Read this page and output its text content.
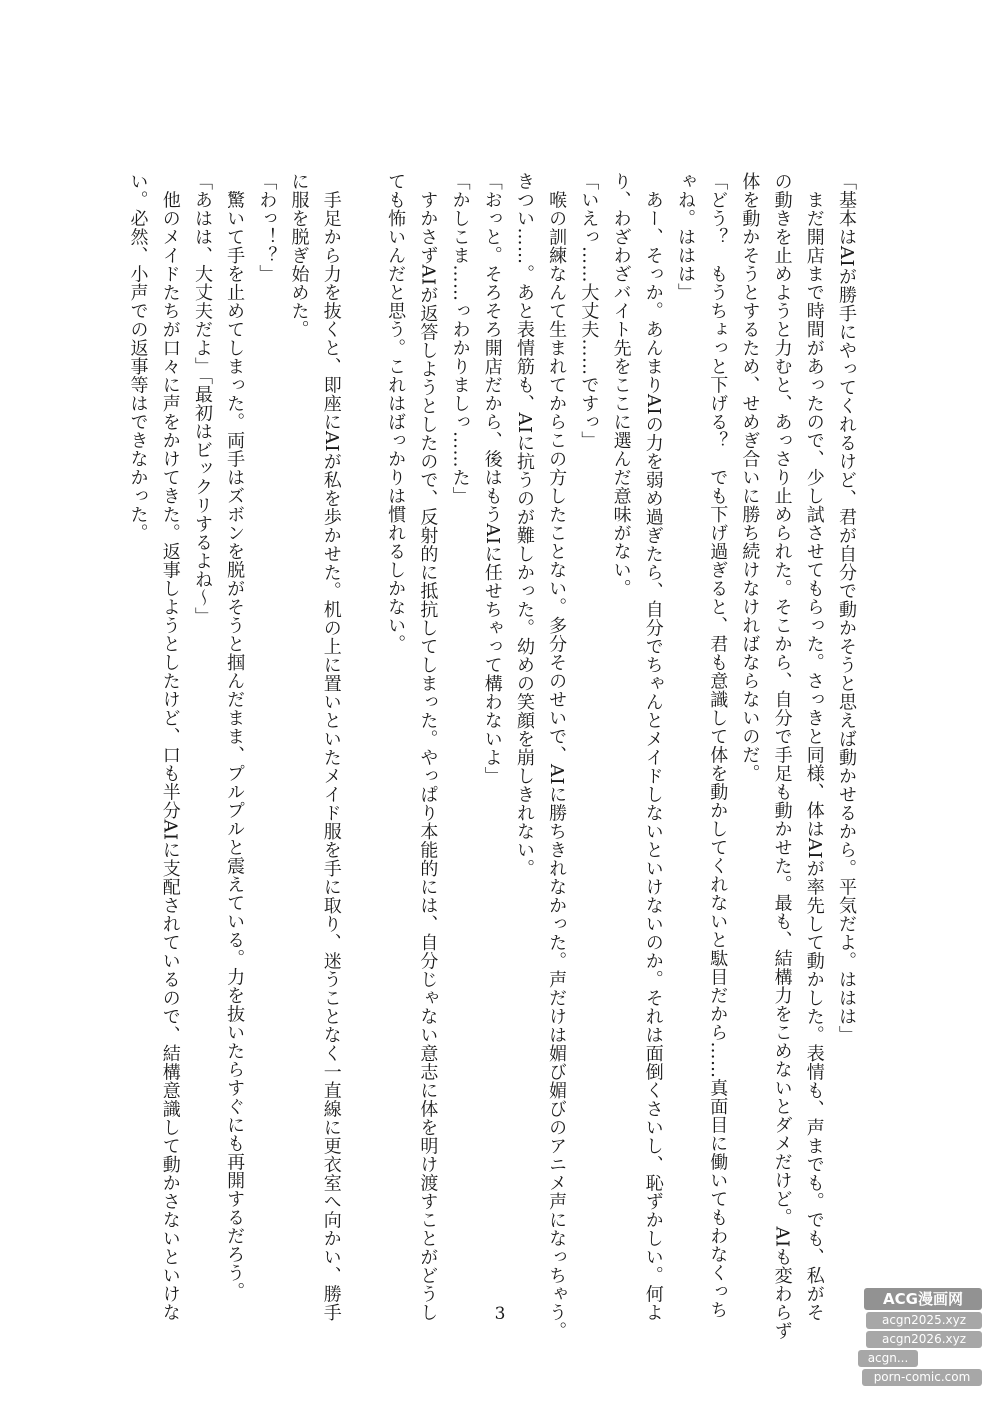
「基本はAIが勝手にやってくれるけど、君が自分で動かそうと思えば動かせるから。平気だよ。ははは」

　まだ開店まで時間があったので、少し試させてもらった。さっきと同様、体はAIが率先して動かした。表情も、声までも。でも、私がそ

の動きを止めようと力むと、あっさり止められた。そこから、自分で手足も動かせた。最も、結構力をこめないとダメだけど。AIも変わらず

体を動かそうとするため、せめぎ合いに勝ち続けなければならないのだ。

「どう？　もうちょっと下げる？　でも下げ過ぎると、君も意識して体を動かしてくれないと駄目だから……真面目に働いてもわなくっち

ゃね。ははは」

　あー、そっか。あんまりAIの力を弱め過ぎたら、自分でちゃんとメイドしないといけないのか。それは面倒くさいし、恥ずかしい。何よ

り、わざわざバイト先をここに選んだ意味がない。

「いえっ……大丈夫……ですっ」

　喉の訓練なんて生まれてからこの方したことない。多分そのせいで、AIに勝ちきれなかった。声だけは媚び媚びのアニメ声になっちゃう。

きつい……。あと表情筋も、AIに抗うのが難しかった。幼めの笑顔を崩しきれない。

「おっと。そろそろ開店だから、後はもうAIに任せちゃって構わないよ」

「かしこま……っわかりましっ……た」

　すかさずAIが返答しようとしたので、反射的に抵抗してしまった。やっぱり本能的には、自分じゃない意志に体を明け渡すことがどうし

ても怖いんだと思う。これはばっかりは慣れるしかない。

　手足から力を抜くと、即座にAIが私を歩かせた。机の上に置いといたメイド服を手に取り、迷うことなく一直線に更衣室へ向かい、勝手

に服を脱ぎ始めた。

「わっ！？」

　驚いて手を止めてしまった。両手はズボンを脱がそうと掴んだまま、プルプルと震えている。力を抜いたらすぐにも再開するだろう。

「あはは、大丈夫だよ」「最初はビックリするよね～」

　他のメイドたちが口々に声をかけてきた。返事しようとしたけど、口も半分AIに支配されているので、結構意識して動かさないといけな

い。必然、小声での返事等はできなかった。

3
ACG漫画网
acgn2025.xyz
acgn2026.xyz
acgn...
porn-comic.com
